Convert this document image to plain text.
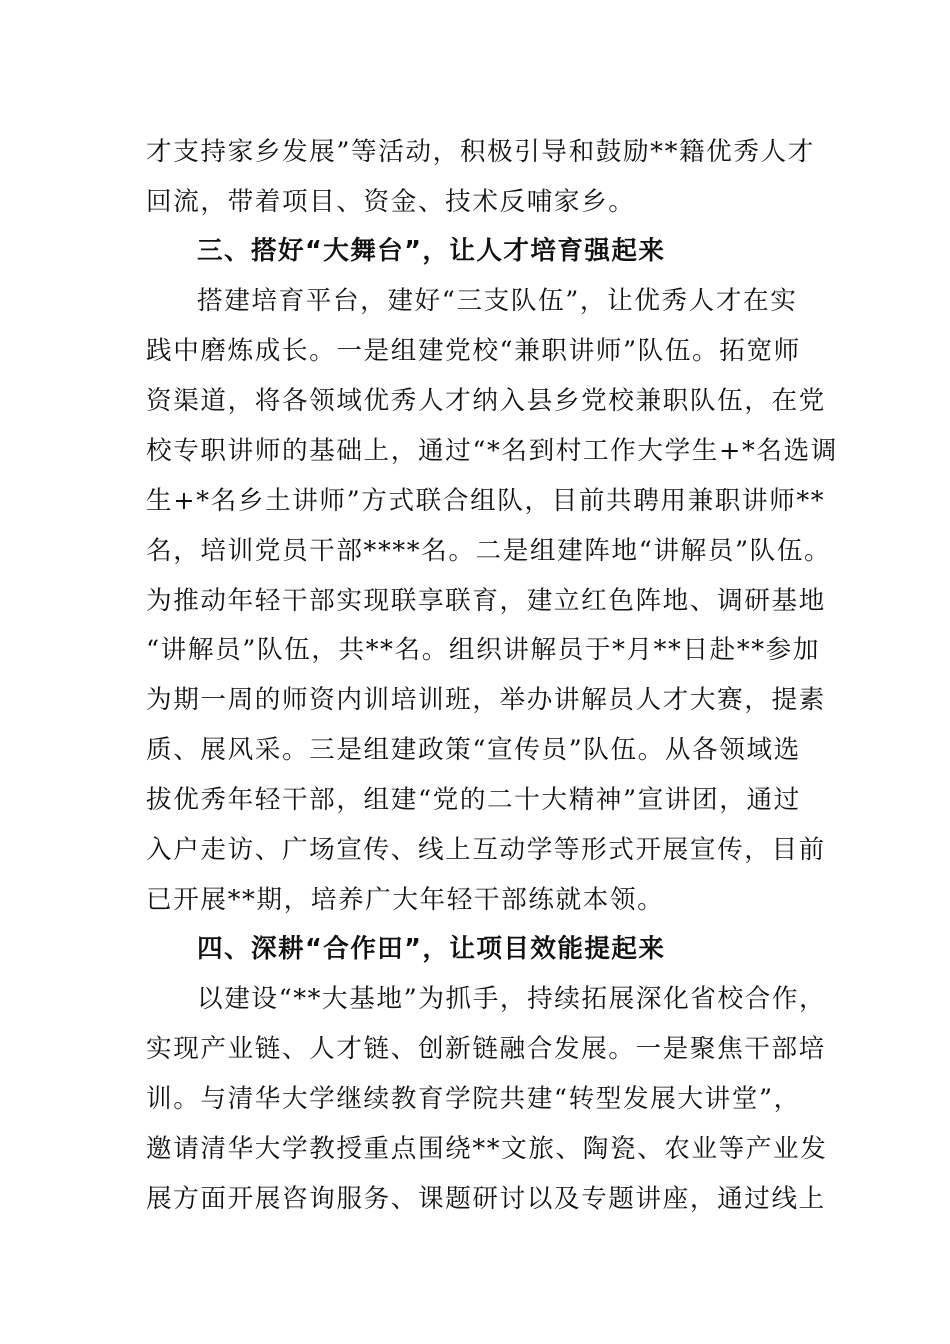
才支持家乡发展”等活动，积极引导和鼓励**籍优秀人才
回流，带着项目、资金、技术反哺家乡。
三、搭好“大舞台”，让人才培育强起来
搭建培育平台，建好“三支队伍”，让优秀人才在实
践中磨炼成长。一是组建党校“兼职讲师”队伍。拓宽师
资渠道，将各领域优秀人才纳入县乡党校兼职队伍，在党
校专职讲师的基础上，通过“*名到村工作大学生+*名选调
生+*名乡土讲师”方式联合组队，目前共聘用兼职讲师**
名，培训党员干部****名。二是组建阵地“讲解员”队伍。
为推动年轻干部实现联享联育，建立红色阵地、调研基地
“讲解员”队伍，共**名。组织讲解员于*月**日赴**参加
为期一周的师资内训培训班，举办讲解员人才大赛，提素
质、展风采。三是组建政策“宣传员”队伍。从各领域选
拔优秀年轻干部，组建“党的二十大精神”宣讲团，通过
入户走访、广场宣传、线上互动学等形式开展宣传，目前
已开展**期，培养广大年轻干部练就本领。
四、深耕“合作田”，让项目效能提起来
以建设“**大基地”为抓手，持续拓展深化省校合作，
实现产业链、人才链、创新链融合发展。一是聚焦干部培
训。与清华大学继续教育学院共建“转型发展大讲堂”，
邀请清华大学教授重点围绕**文旅、陶瓷、农业等产业发
展方面开展咨询服务、课题研讨以及专题讲座，通过线上
